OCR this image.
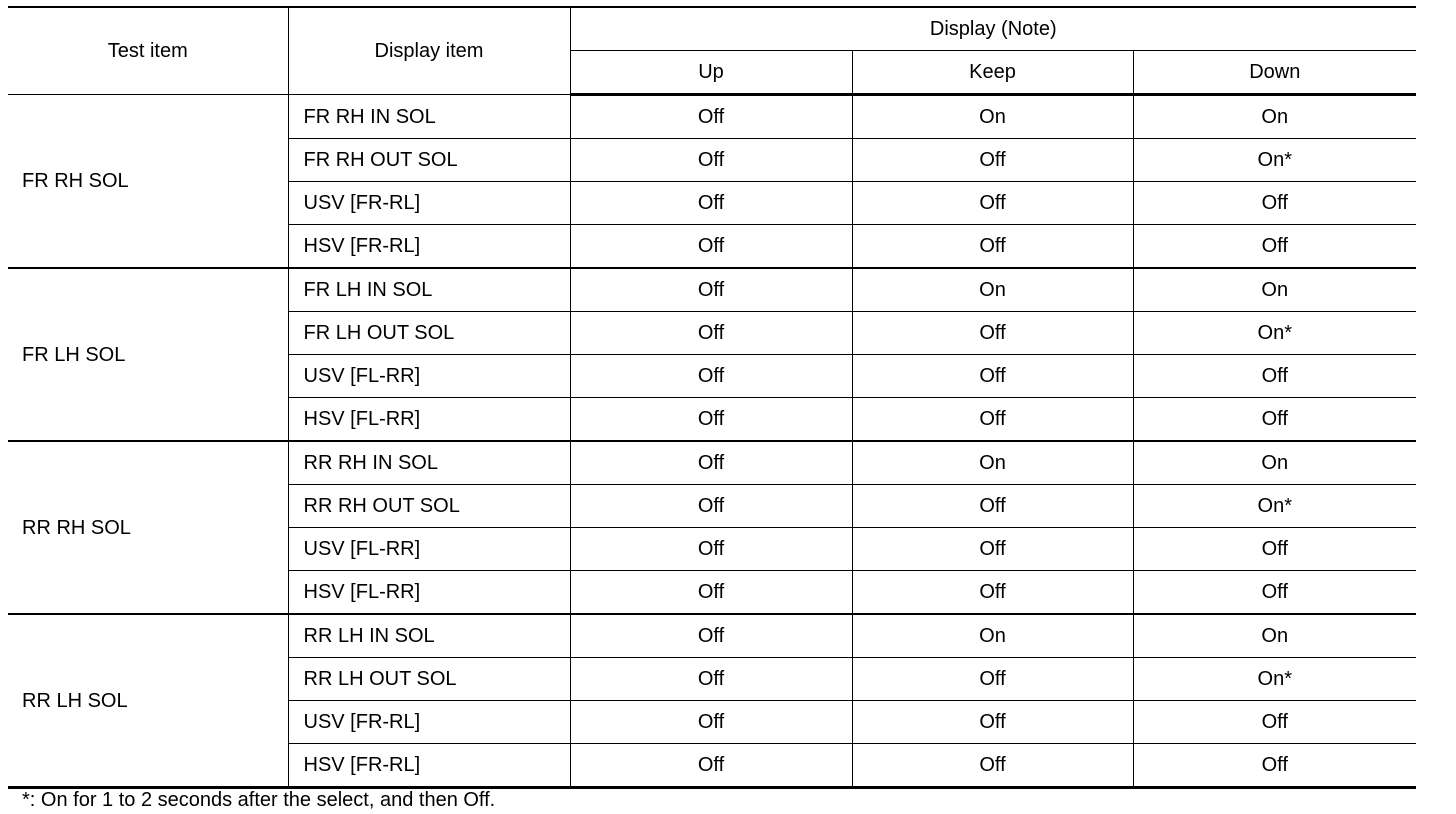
Test item	Display item	Display (Note)		
		Up	Keep	Down
FR RH SOL	FR RH IN SOL	Off	On	On
	FR RH OUT SOL	Off	Off	On*
	USV [FR-RL]	Off	Off	Off
	HSV [FR-RL]	Off	Off	Off
FR LH SOL	FR LH IN SOL	Off	On	On
	FR LH OUT SOL	Off	Off	On*
	USV [FL-RR]	Off	Off	Off
	HSV [FL-RR]	Off	Off	Off
RR RH SOL	RR RH IN SOL	Off	On	On
	RR RH OUT SOL	Off	Off	On*
	USV [FL-RR]	Off	Off	Off
	HSV [FL-RR]	Off	Off	Off
RR LH SOL	RR LH IN SOL	Off	On	On
	RR LH OUT SOL	Off	Off	On*
	USV [FR-RL]	Off	Off	Off
	HSV [FR-RL]	Off	Off	Off
*: On for 1 to 2 seconds after the select, and then Off.
